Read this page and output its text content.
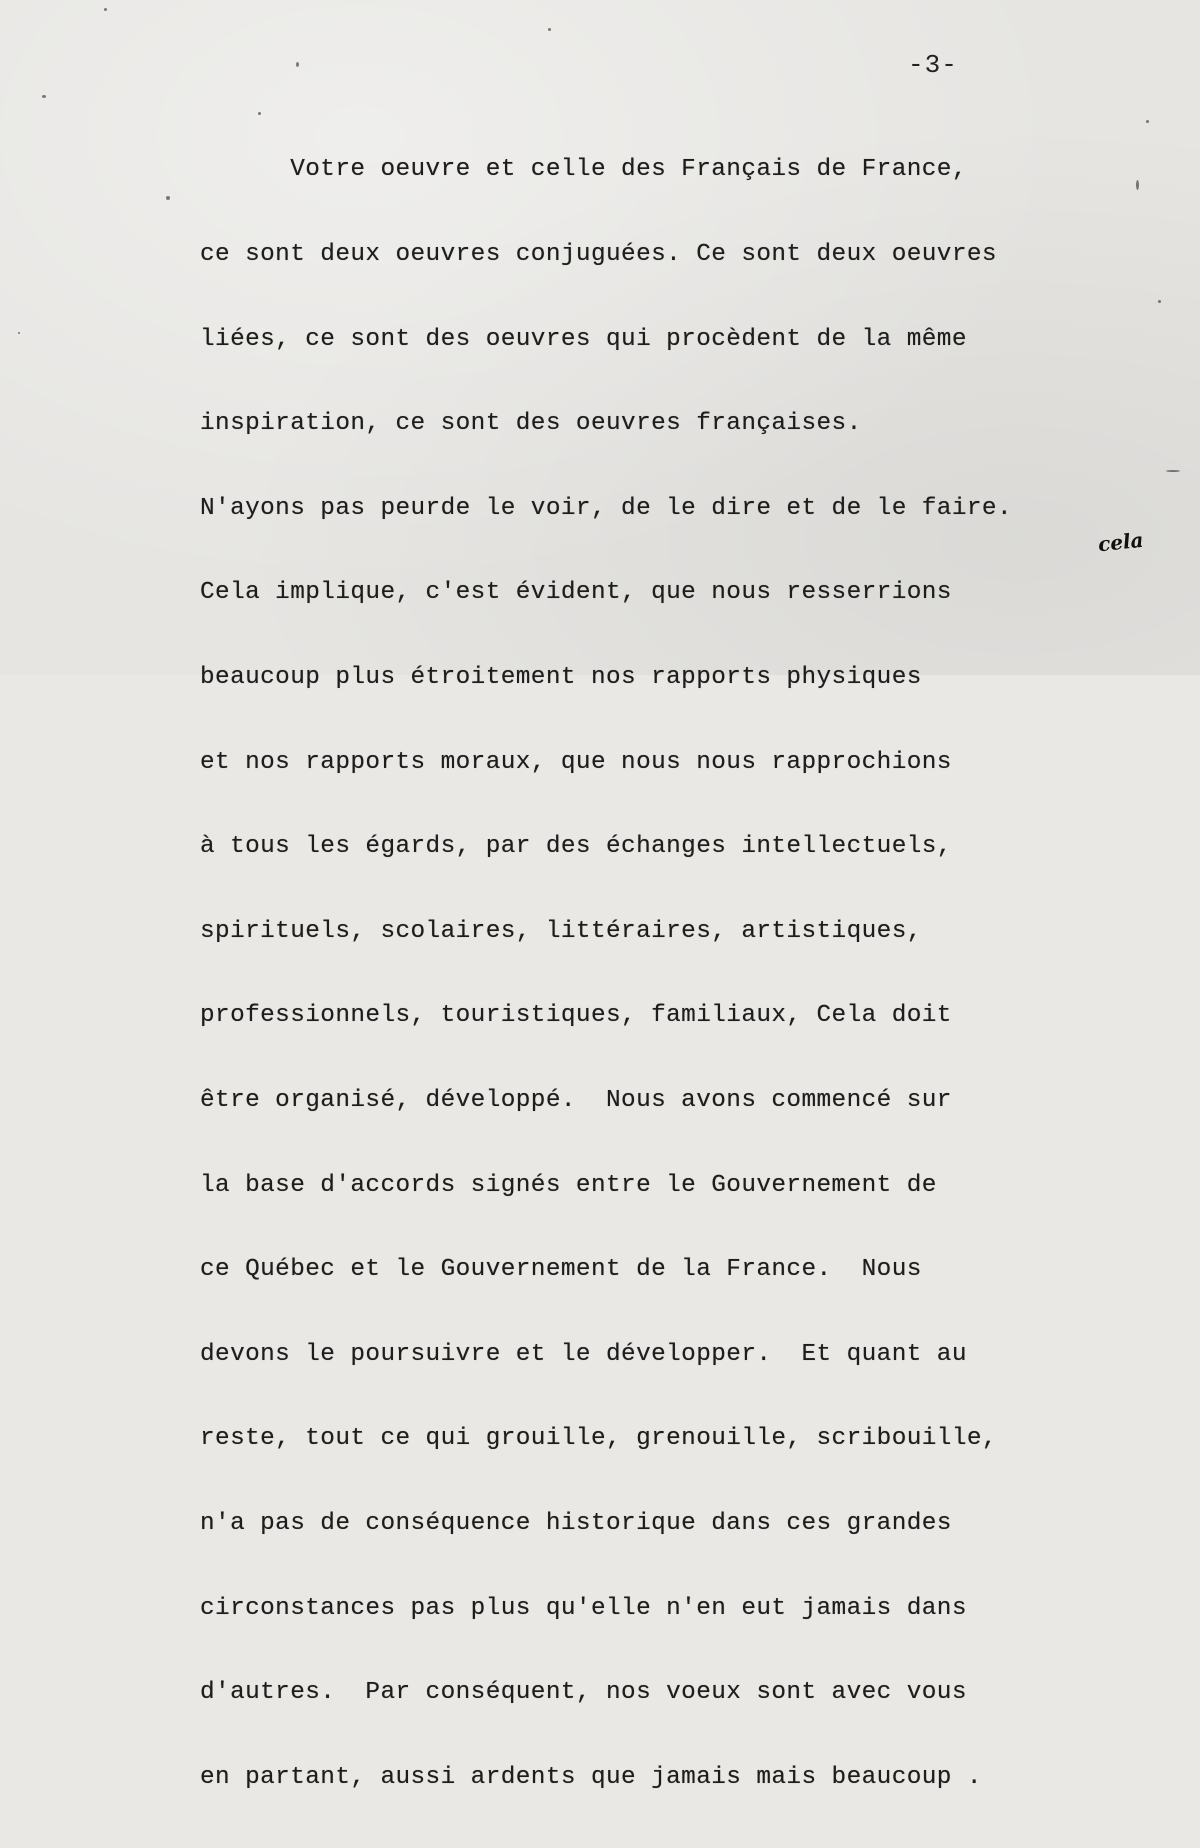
-3-

Votre oeuvre et celle des Français de France,

ce sont deux oeuvres conjuguées. Ce sont deux oeuvres

liées, ce sont des oeuvres qui procèdent de la même

inspiration, ce sont des oeuvres françaises.

N'ayons pas peurde le voir, de le dire et de le faire.

Cela implique, c'est évident, que nous resserrions

beaucoup plus étroitement nos rapports physiques

et nos rapports moraux, que nous nous rapprochions

à tous les égards, par des échanges intellectuels,

spirituels, scolaires, littéraires, artistiques,

professionnels, touristiques, familiaux, Cela doit

être organisé, développé.  Nous avons commencé sur

la base d'accords signés entre le Gouvernement de

ce Québec et le Gouvernement de la France.  Nous

devons le poursuivre et le développer.  Et quant au

reste, tout ce qui grouille, grenouille, scribouille,

n'a pas de conséquence historique dans ces grandes

circonstances pas plus qu'elle n'en eut jamais dans

d'autres.  Par conséquent, nos voeux sont avec vous

en partant, aussi ardents que jamais mais beaucoup .

cela
